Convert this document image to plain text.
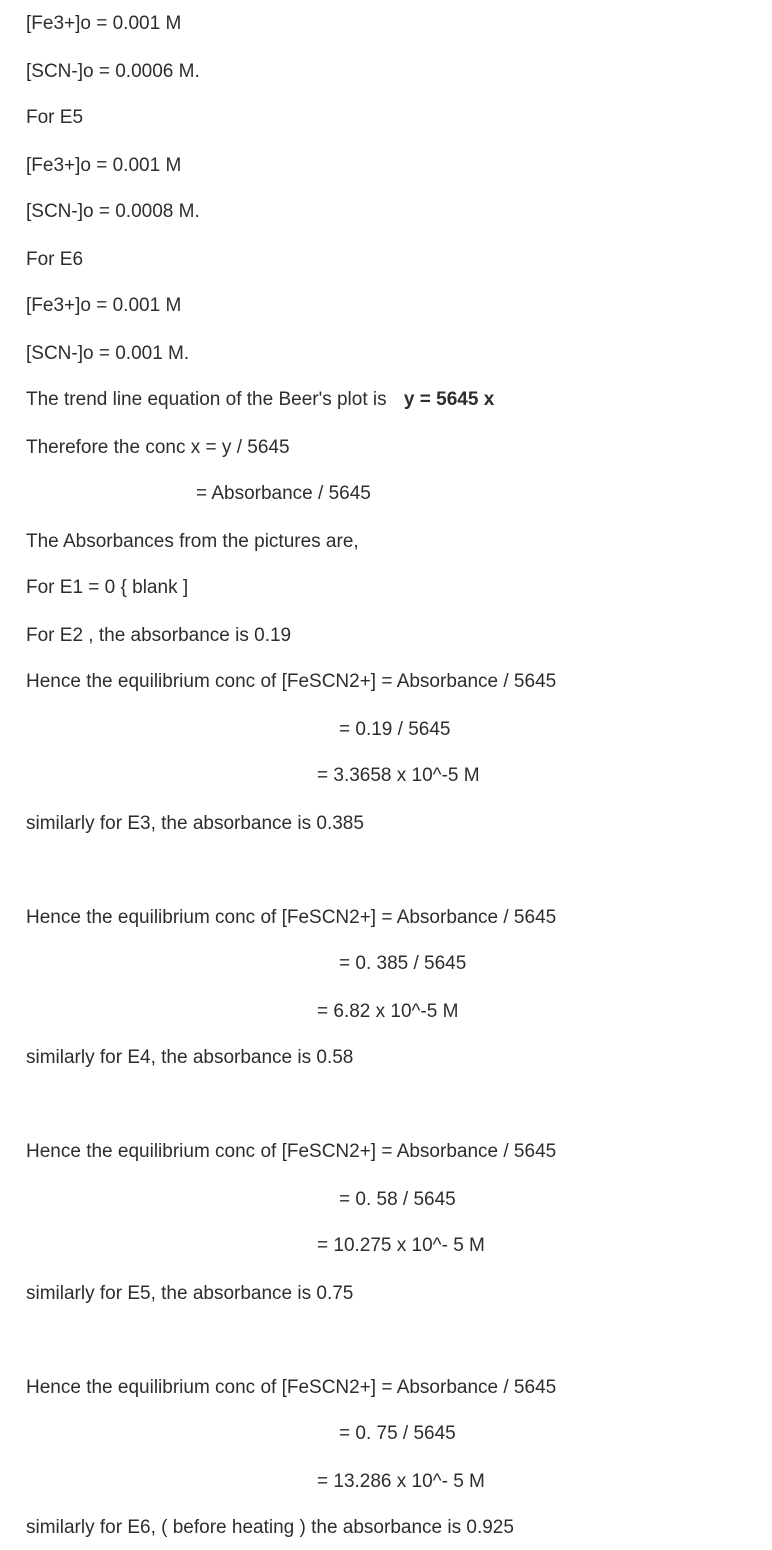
[Fe3+]o = 0.001 M
[SCN-]o = 0.0006 M.
For E5
[Fe3+]o = 0.001 M
[SCN-]o = 0.0008 M.
For E6
[Fe3+]o = 0.001 M
[SCN-]o = 0.001 M.
The trend line equation of the Beer's plot is y = 5645 x
Therefore the conc x = y / 5645
= Absorbance / 5645
The Absorbances from the pictures are,
For E1 = 0 { blank ]
For E2 , the absorbance is 0.19
Hence the equilibrium conc of [FeSCN2+] = Absorbance / 5645
= 0.19 / 5645
= 3.3658 x 10^-5 M
similarly for E3, the absorbance is 0.385
Hence the equilibrium conc of [FeSCN2+] = Absorbance / 5645
= 0. 385 / 5645
= 6.82 x 10^-5 M
similarly for E4, the absorbance is 0.58
Hence the equilibrium conc of [FeSCN2+] = Absorbance / 5645
= 0. 58 / 5645
= 10.275 x 10^- 5 M
similarly for E5, the absorbance is 0.75
Hence the equilibrium conc of [FeSCN2+] = Absorbance / 5645
= 0. 75 / 5645
= 13.286 x 10^- 5 M
similarly for E6, ( before heating ) the absorbance is 0.925
